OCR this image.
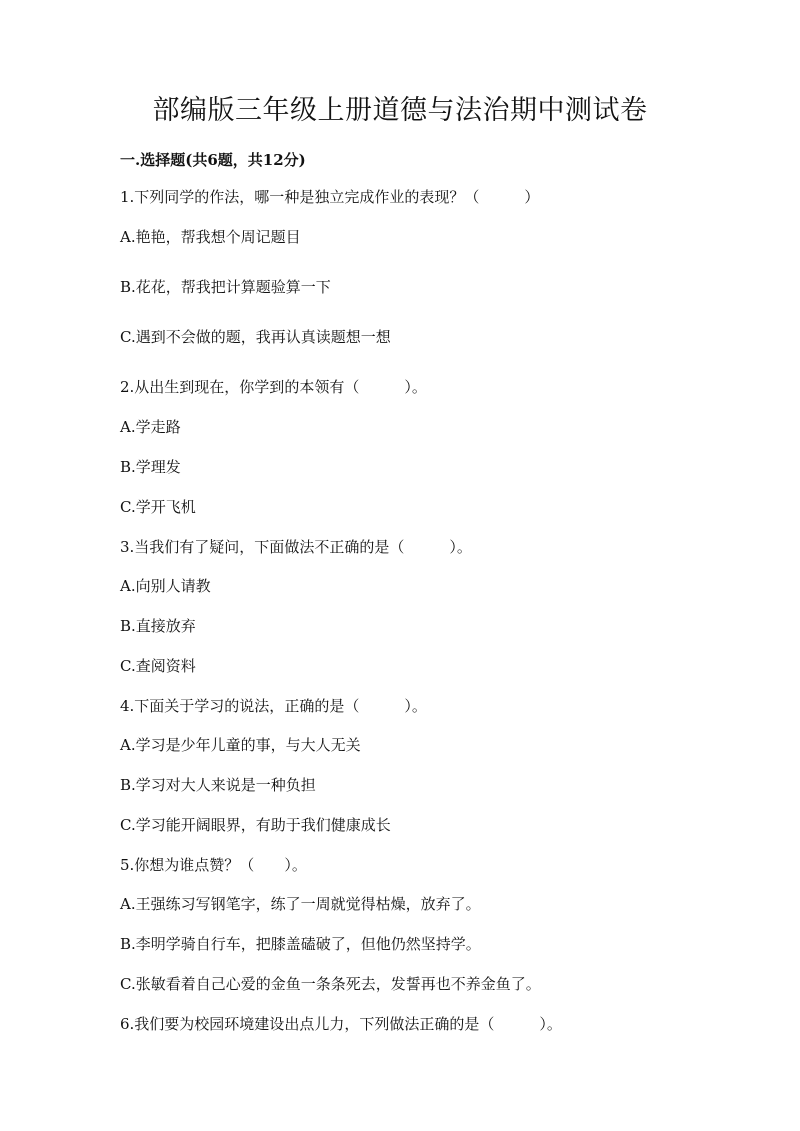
部编版三年级上册道德与法治期中测试卷
一.选择题(共6题，共12分)
1.下列同学的作法，哪一种是独立完成作业的表现？（　　　）
A.艳艳，帮我想个周记题目
B.花花，帮我把计算题验算一下
C.遇到不会做的题，我再认真读题想一想
2.从出生到现在，你学到的本领有（　　　）。
A.学走路
B.学理发
C.学开飞机
3.当我们有了疑问，下面做法不正确的是（　　　）。
A.向别人请教
B.直接放弃
C.查阅资料
4.下面关于学习的说法，正确的是（　　　）。
A.学习是少年儿童的事，与大人无关
B.学习对大人来说是一种负担
C.学习能开阔眼界，有助于我们健康成长
5.你想为谁点赞？（　　）。
A.王强练习写钢笔字，练了一周就觉得枯燥，放弃了。
B.李明学骑自行车，把膝盖磕破了，但他仍然坚持学。
C.张敏看着自己心爱的金鱼一条条死去，发誓再也不养金鱼了。
6.我们要为校园环境建设出点儿力，下列做法正确的是（　　　）。
